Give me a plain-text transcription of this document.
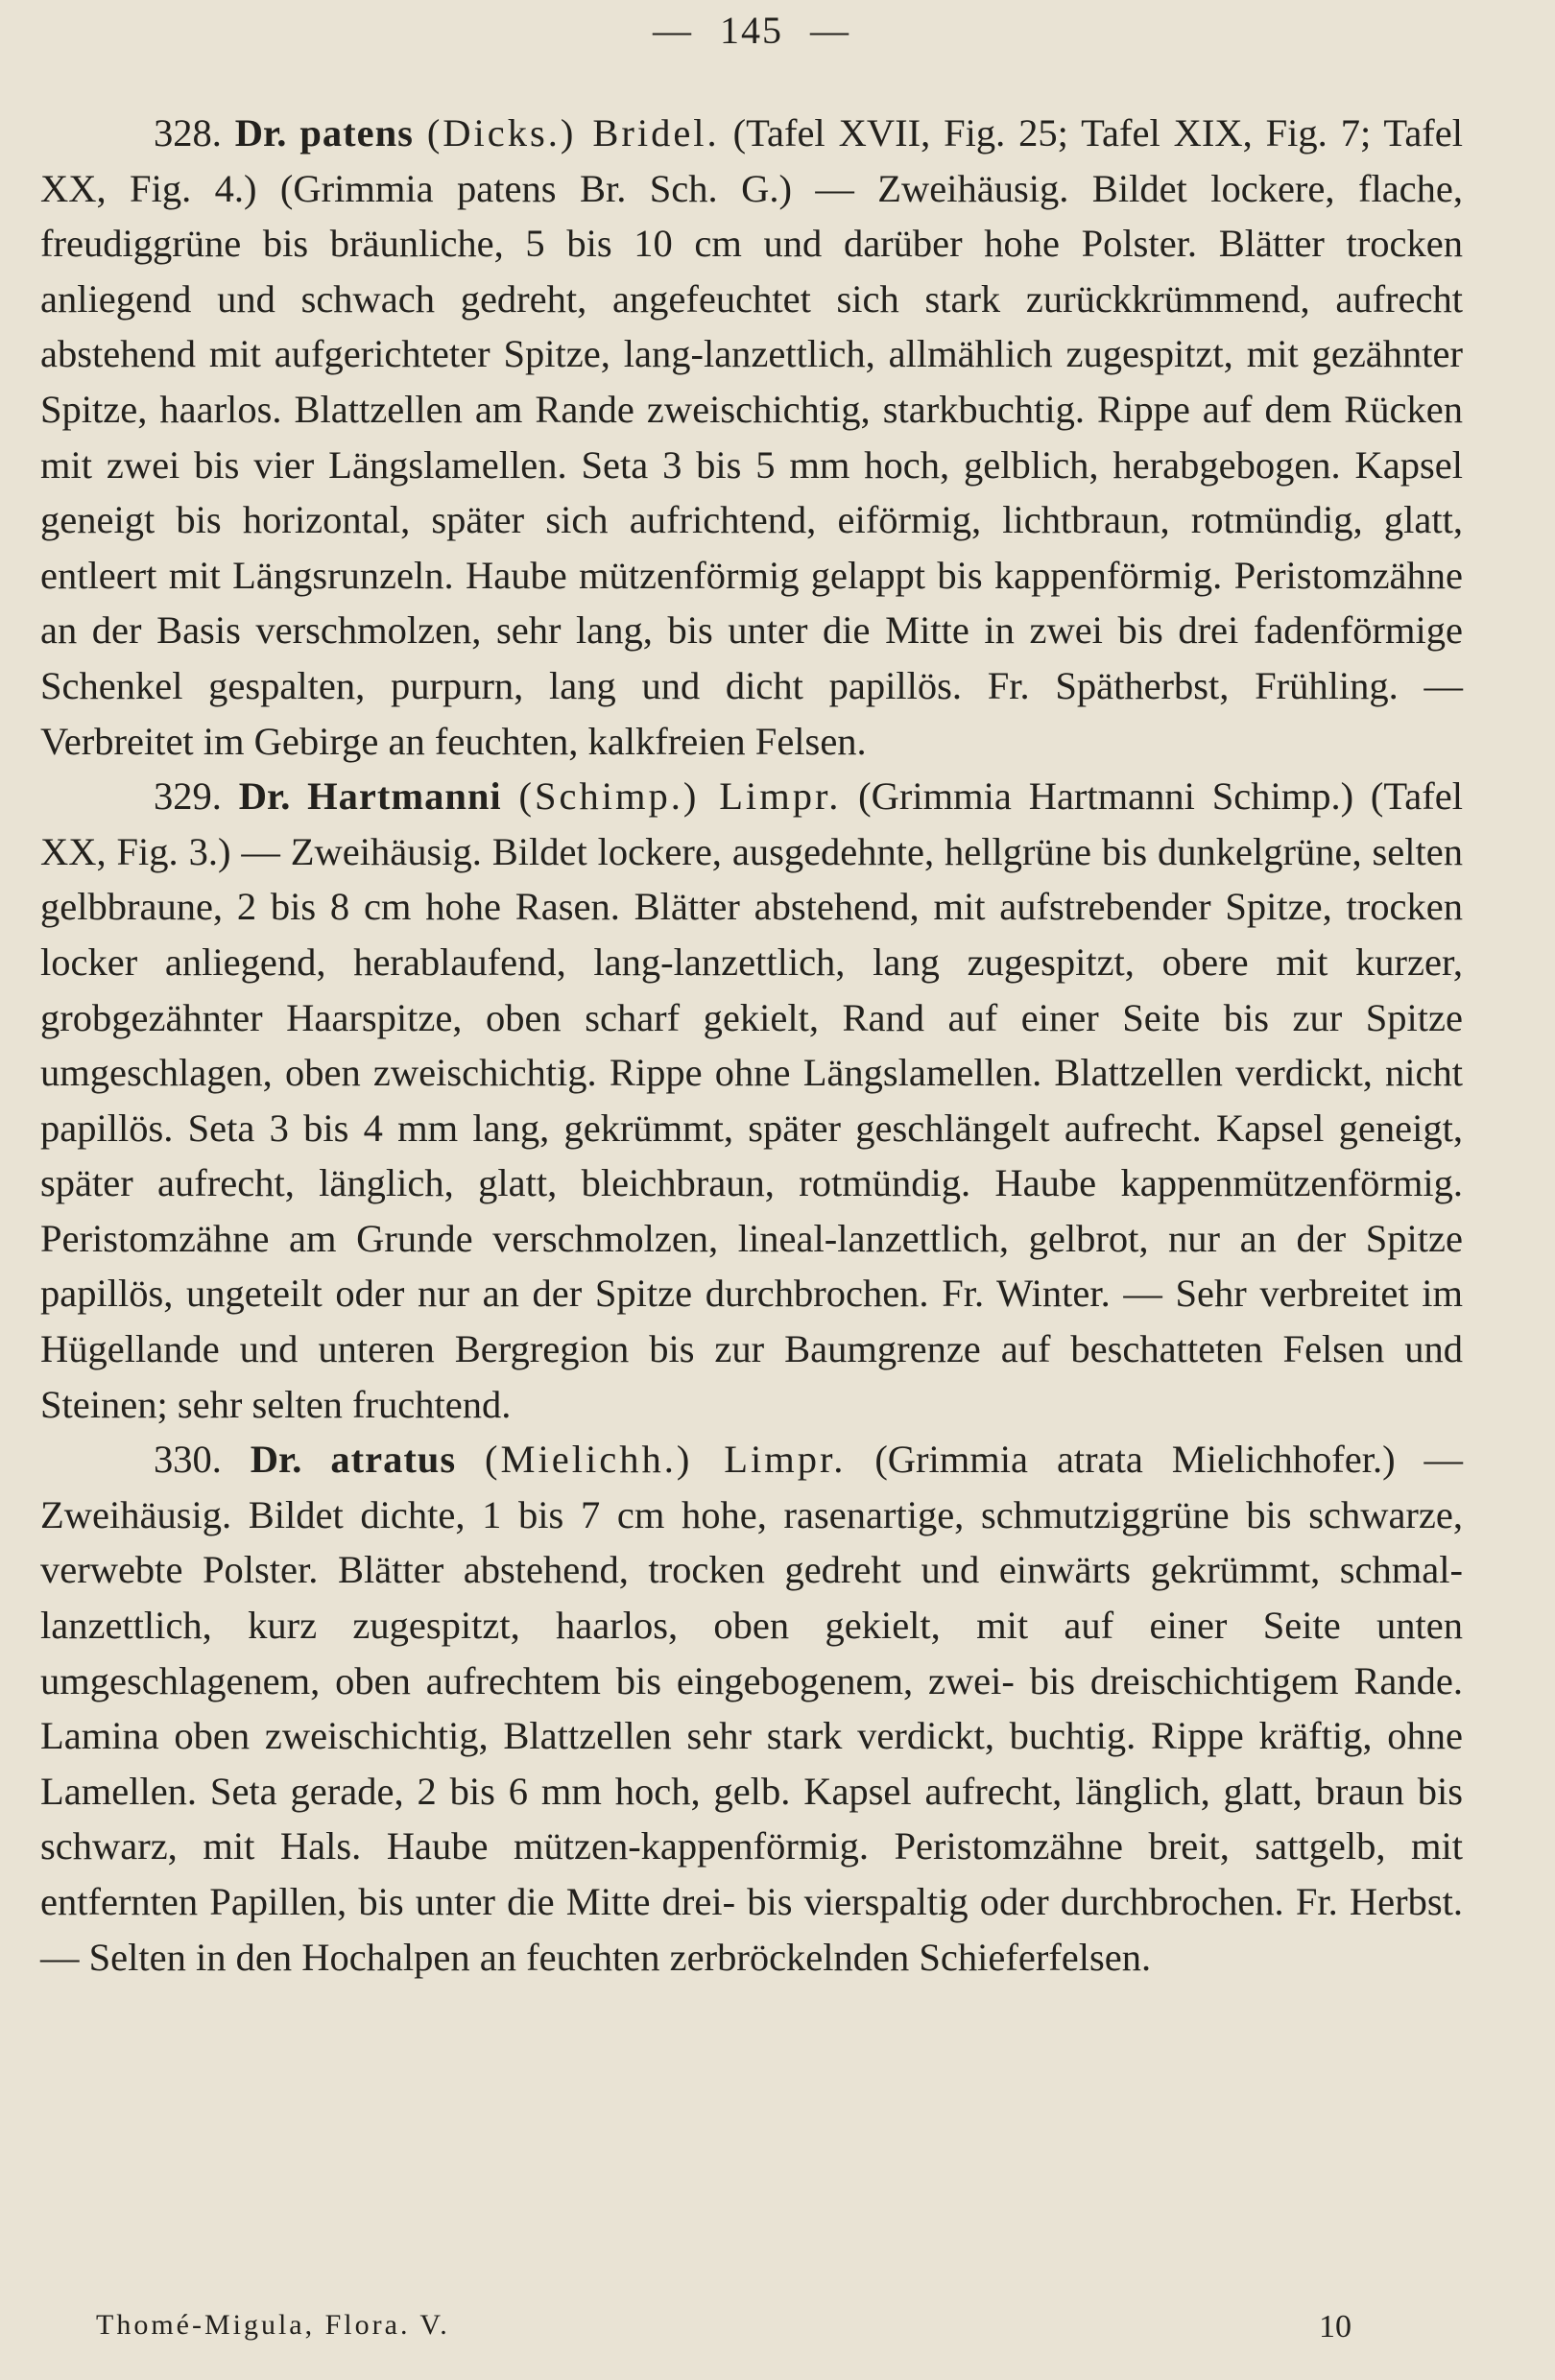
— 145 —

328. Dr. patens (Dicks.) Bridel. (Tafel XVII, Fig. 25; Tafel XIX, Fig. 7; Tafel XX, Fig. 4.) (Grimmia patens Br. Sch. G.) — Zweihäusig. Bildet lockere, flache, freudiggrüne bis bräunliche, 5 bis 10 cm und darüber hohe Polster. Blätter trocken anliegend und schwach gedreht, angefeuchtet sich stark zurückkrümmend, aufrecht abstehend mit aufgerichteter Spitze, lang-lanzettlich, allmählich zugespitzt, mit gezähnter Spitze, haarlos. Blattzellen am Rande zweischichtig, starkbuchtig. Rippe auf dem Rücken mit zwei bis vier Längslamellen. Seta 3 bis 5 mm hoch, gelblich, herabgebogen. Kapsel geneigt bis horizontal, später sich aufrichtend, eiförmig, lichtbraun, rotmündig, glatt, entleert mit Längsrunzeln. Haube mützenförmig gelappt bis kappenförmig. Peristomzähne an der Basis verschmolzen, sehr lang, bis unter die Mitte in zwei bis drei fadenförmige Schenkel gespalten, purpurn, lang und dicht papillös. Fr. Spätherbst, Frühling. — Verbreitet im Gebirge an feuchten, kalkfreien Felsen.

329. Dr. Hartmanni (Schimp.) Limpr. (Grimmia Hartmanni Schimp.) (Tafel XX, Fig. 3.) — Zweihäusig. Bildet lockere, ausgedehnte, hellgrüne bis dunkelgrüne, selten gelbbraune, 2 bis 8 cm hohe Rasen. Blätter abstehend, mit aufstrebender Spitze, trocken locker anliegend, herablaufend, lang-lanzettlich, lang zugespitzt, obere mit kurzer, grobgezähnter Haarspitze, oben scharf gekielt, Rand auf einer Seite bis zur Spitze umgeschlagen, oben zweischichtig. Rippe ohne Längslamellen. Blattzellen verdickt, nicht papillös. Seta 3 bis 4 mm lang, gekrümmt, später geschlängelt aufrecht. Kapsel geneigt, später aufrecht, länglich, glatt, bleichbraun, rotmündig. Haube kappenmützenförmig. Peristomzähne am Grunde verschmolzen, lineal-lanzettlich, gelbrot, nur an der Spitze papillös, ungeteilt oder nur an der Spitze durchbrochen. Fr. Winter. — Sehr verbreitet im Hügellande und unteren Bergregion bis zur Baumgrenze auf beschatteten Felsen und Steinen; sehr selten fruchtend.

330. Dr. atratus (Mielichh.) Limpr. (Grimmia atrata Mielichhofer.) — Zweihäusig. Bildet dichte, 1 bis 7 cm hohe, rasenartige, schmutziggrüne bis schwarze, verwebte Polster. Blätter abstehend, trocken gedreht und einwärts gekrümmt, schmal-lanzettlich, kurz zugespitzt, haarlos, oben gekielt, mit auf einer Seite unten umgeschlagenem, oben aufrechtem bis eingebogenem, zwei- bis dreischichtigem Rande. Lamina oben zweischichtig, Blattzellen sehr stark verdickt, buchtig. Rippe kräftig, ohne Lamellen. Seta gerade, 2 bis 6 mm hoch, gelb. Kapsel aufrecht, länglich, glatt, braun bis schwarz, mit Hals. Haube mützen-kappenförmig. Peristomzähne breit, sattgelb, mit entfernten Papillen, bis unter die Mitte drei- bis vierspaltig oder durchbrochen. Fr. Herbst. — Selten in den Hochalpen an feuchten zerbröckelnden Schieferfelsen.

Thomé-Migula, Flora. V.	10
